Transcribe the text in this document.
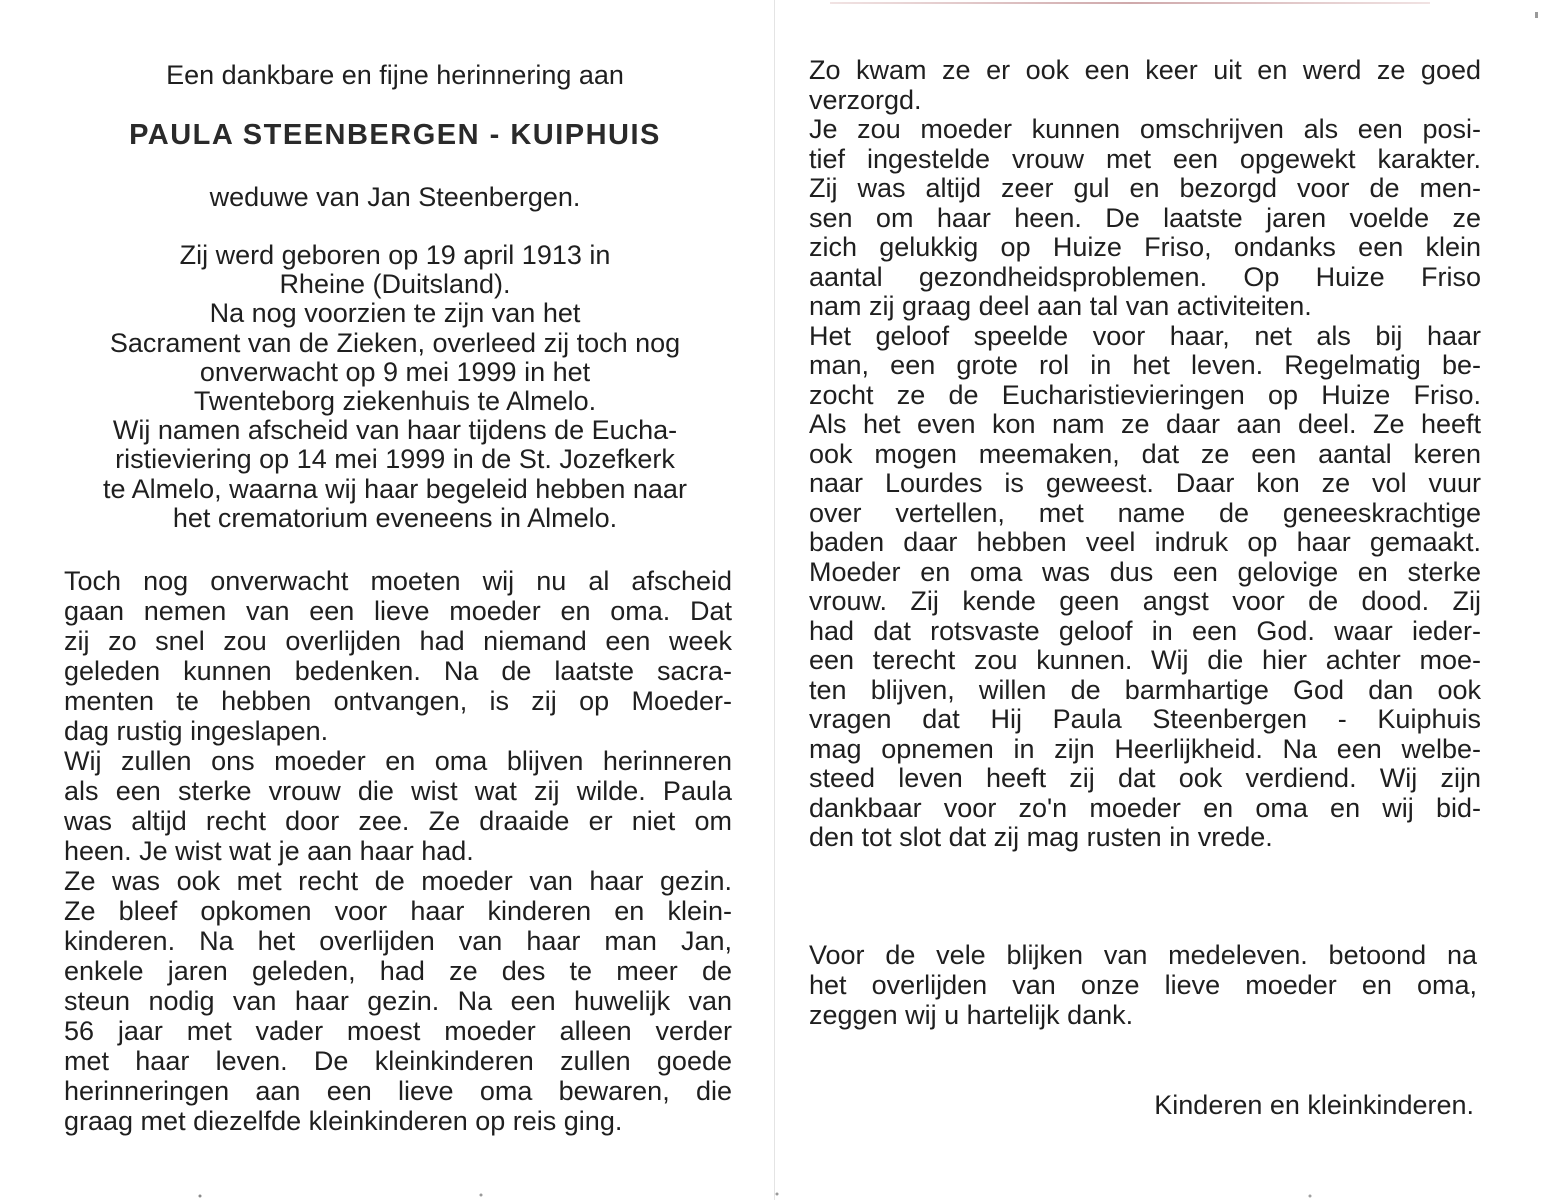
Een dankbare en fijne herinnering aan
PAULA STEENBERGEN - KUIPHUIS
weduwe van Jan Steenbergen.
Zij werd geboren op 19 april 1913 in
Rheine (Duitsland).
Na nog voorzien te zijn van het
Sacrament van de Zieken, overleed zij toch nog
onverwacht op 9 mei 1999 in het
Twenteborg ziekenhuis te Almelo.
Wij namen afscheid van haar tijdens de Eucha-
ristieviering op 14 mei 1999 in de St. Jozefkerk
te Almelo, waarna wij haar begeleid hebben naar
het crematorium eveneens in Almelo.
Toch nog onverwacht moeten wij nu al afscheid
gaan nemen van een lieve moeder en oma. Dat
zij zo snel zou overlijden had niemand een week
geleden kunnen bedenken. Na de laatste sacra-
menten te hebben ontvangen, is zij op Moeder-
dag rustig ingeslapen.
Wij zullen ons moeder en oma blijven herinneren
als een sterke vrouw die wist wat zij wilde. Paula
was altijd recht door zee. Ze draaide er niet om
heen. Je wist wat je aan haar had.
Ze was ook met recht de moeder van haar gezin.
Ze bleef opkomen voor haar kinderen en klein-
kinderen. Na het overlijden van haar man Jan,
enkele jaren geleden, had ze des te meer de
steun nodig van haar gezin. Na een huwelijk van
56 jaar met vader moest moeder alleen verder
met haar leven. De kleinkinderen zullen goede
herinneringen aan een lieve oma bewaren, die
graag met diezelfde kleinkinderen op reis ging.
Zo kwam ze er ook een keer uit en werd ze goed
verzorgd.
Je zou moeder kunnen omschrijven als een posi-
tief ingestelde vrouw met een opgewekt karakter.
Zij was altijd zeer gul en bezorgd voor de men-
sen om haar heen. De laatste jaren voelde ze
zich gelukkig op Huize Friso, ondanks een klein
aantal gezondheidsproblemen. Op Huize Friso
nam zij graag deel aan tal van activiteiten.
Het geloof speelde voor haar, net als bij haar
man, een grote rol in het leven. Regelmatig be-
zocht ze de Eucharistievieringen op Huize Friso.
Als het even kon nam ze daar aan deel. Ze heeft
ook mogen meemaken, dat ze een aantal keren
naar Lourdes is geweest. Daar kon ze vol vuur
over vertellen, met name de geneeskrachtige
baden daar hebben veel indruk op haar gemaakt.
Moeder en oma was dus een gelovige en sterke
vrouw. Zij kende geen angst voor de dood. Zij
had dat rotsvaste geloof in een God. waar ieder-
een terecht zou kunnen. Wij die hier achter moe-
ten blijven, willen de barmhartige God dan ook
vragen dat Hij Paula Steenbergen - Kuiphuis
mag opnemen in zijn Heerlijkheid. Na een welbe-
steed leven heeft zij dat ook verdiend. Wij zijn
dankbaar voor zo'n moeder en oma en wij bid-
den tot slot dat zij mag rusten in vrede.
Voor de vele blijken van medeleven. betoond na
het overlijden van onze lieve moeder en oma,
zeggen wij u hartelijk dank.
Kinderen en kleinkinderen.
